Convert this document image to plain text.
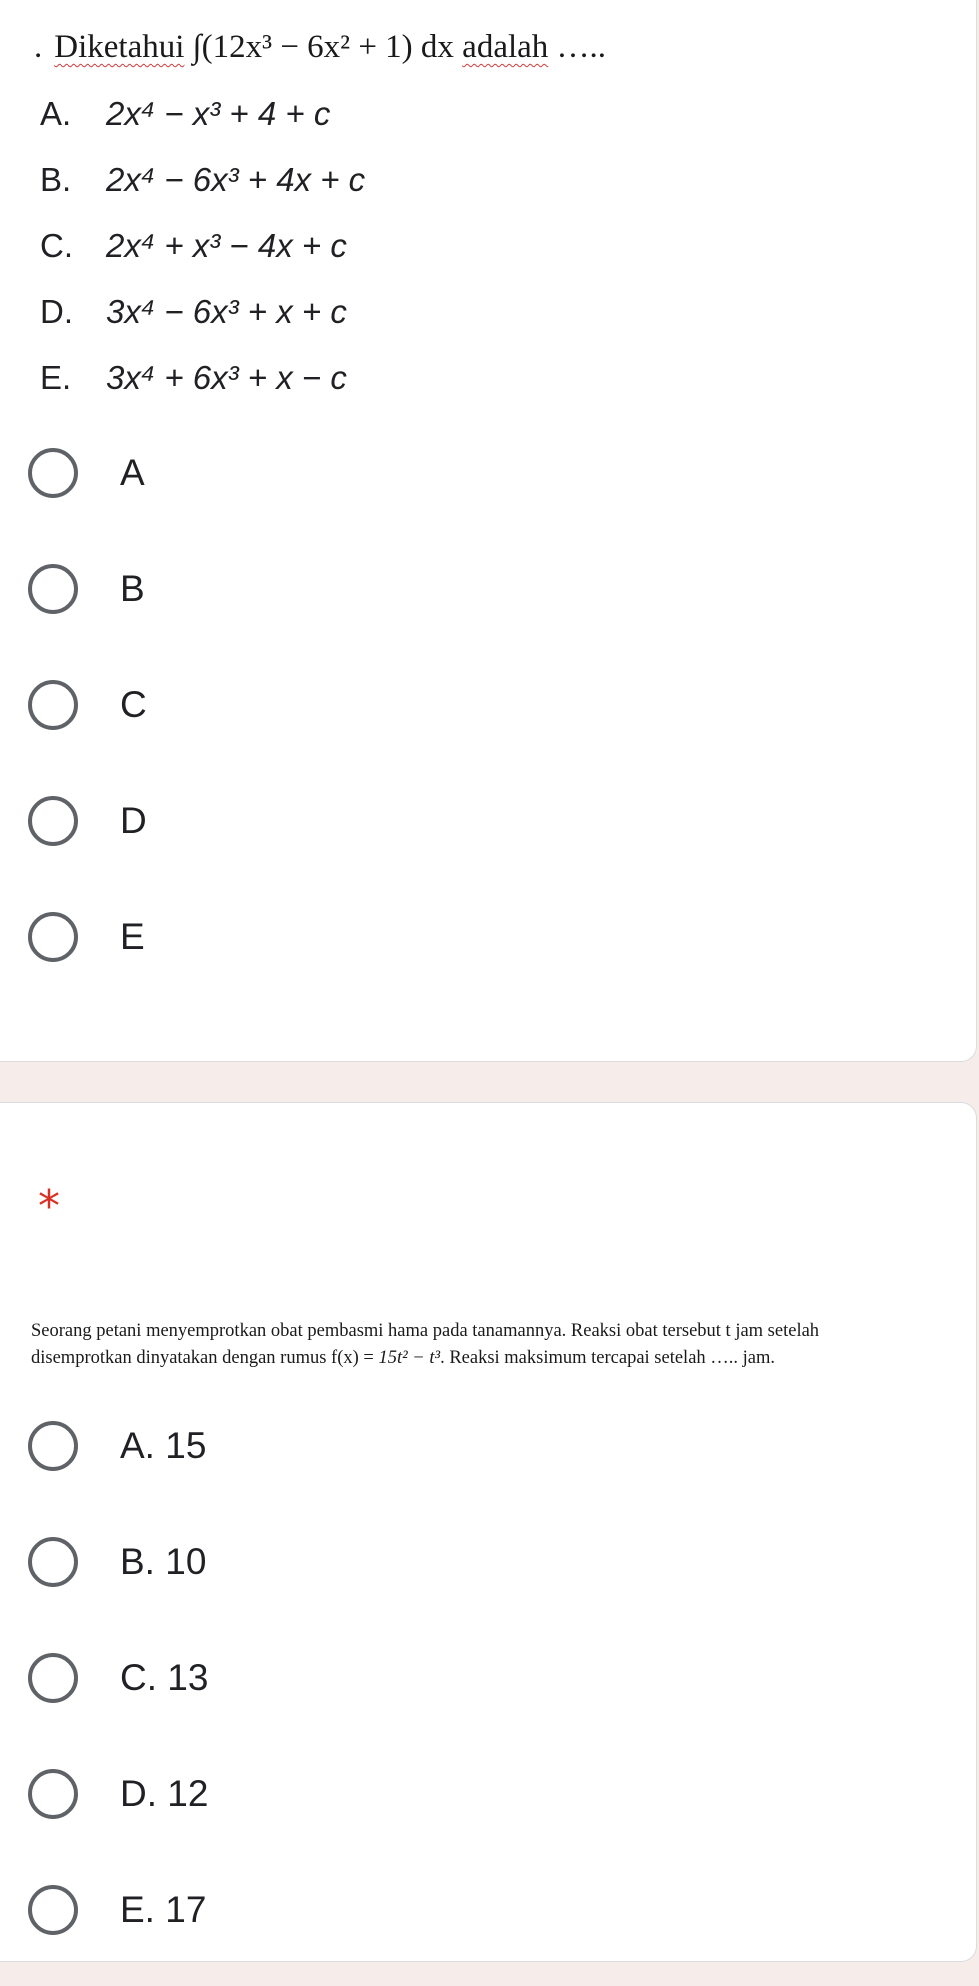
. Diketahui ∫(12x³ − 6x² + 1) dx adalah …..
A. 2x⁴ − x³ + 4 + c
B. 2x⁴ − 6x³ + 4x + c
C. 2x⁴ + x³ − 4x + c
D. 3x⁴ − 6x³ + x + c
E. 3x⁴ + 6x³ + x − c
A
B
C
D
E
*
Seorang petani menyemprotkan obat pembasmi hama pada tanamannya. Reaksi obat tersebut t jam setelah
disemprotkan dinyatakan dengan rumus f(x) = 15t² − t³. Reaksi maksimum tercapai setelah ….. jam.
A. 15
B. 10
C. 13
D. 12
E. 17
